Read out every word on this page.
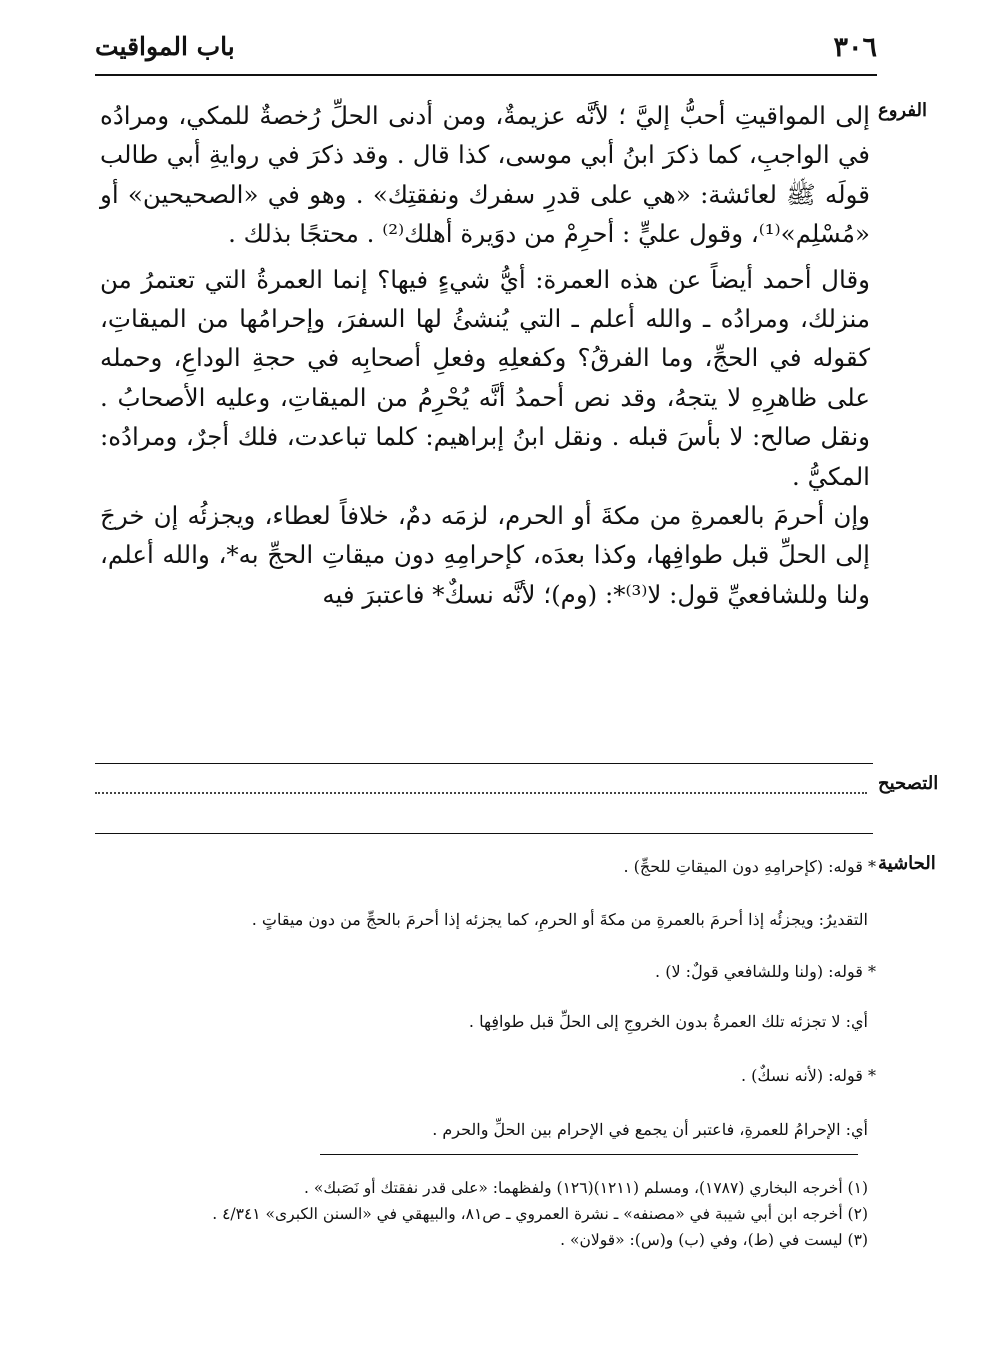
٣٠٦
باب المواقيت
الفروع
التصحيح
الحاشية

إلى المواقيتِ أحبُّ إليَّ ؛ لأنَّه عزيمةٌ، ومن أدنى الحلِّ رُخصةٌ للمكي، ومرادُه في الواجبِ، كما ذكرَ ابنُ أبي موسى، كذا قال . وقد ذكرَ في روايةِ أبي طالب قولَه ﷺ لعائشة: «هي على قدرِ سفرك ونفقتِك» . وهو في «الصحيحين» أو «مُسْلِم»⁽¹⁾، وقول عليٍّ : أحرِمْ من دوَيرة أهلك⁽²⁾ . محتجًا بذلك .

وقال أحمد أيضاً عن هذه العمرة: أيُّ شيءٍ فيها؟ إنما العمرةُ التي تعتمرُ من منزلك، ومرادُه ـ والله أعلم ـ التي يُنشئُ لها السفرَ، وإحرامُها من الميقاتِ، كقوله في الحجِّ، وما الفرقُ؟ وكفعلِهِ وفعلِ أصحابِه في حجةِ الوداعِ، وحمله على ظاهرِهِ لا يتجهُ، وقد نص أحمدُ أنَّه يُحْرِمُ من الميقاتِ، وعليه الأصحابُ . ونقل صالح: لا بأسَ قبله . ونقل ابنُ إبراهيم: كلما تباعدت، فلك أجرٌ، ومرادُه: المكيُّ .

وإن أحرمَ بالعمرةِ من مكةَ أو الحرم، لزمَه دمٌ، خلافاً لعطاء، ويجزئُه إن خرجَ إلى الحلِّ قبل طوافِها، وكذا بعدَه، كإحرامِهِ دون ميقاتِ الحجِّ به*، والله أعلم، ولنا وللشافعيِّ قول: لا⁽³⁾*: (وم)؛ لأنَّه نسكٌ* فاعتبرَ فيه

* قوله: (كإحرامِهِ دون الميقاتِ للحجِّ) .
التقديرُ: ويجزئُه إذا أحرمَ بالعمرةِ من مكةَ أو الحرمِ، كما يجزئه إذا أحرمَ بالحجِّ من دون ميقاتٍ .
* قوله: (ولنا وللشافعي قولٌ: لا) .
أي: لا تجزئه تلك العمرةُ بدون الخروجِ إلى الحلِّ قبل طوافِها .
* قوله: (لأنه نسكٌ) .
أي: الإحرامُ للعمرةِ، فاعتبر أن يجمع في الإحرام بين الحلِّ والحرم .
(١) أخرجه البخاري (١٧٨٧)، ومسلم (١٢١١)(١٢٦) ولفظهما: «على قدر نفقتك أو نَصَبك» .
(٢) أخرجه ابن أبي شيبة في «مصنفه» ـ نشرة العمروي ـ ص٨١، والبيهقي في «السنن الكبرى» ٤/٣٤١ .
(٣) ليست في (ط)، وفي (ب) و(س): «قولان» .
